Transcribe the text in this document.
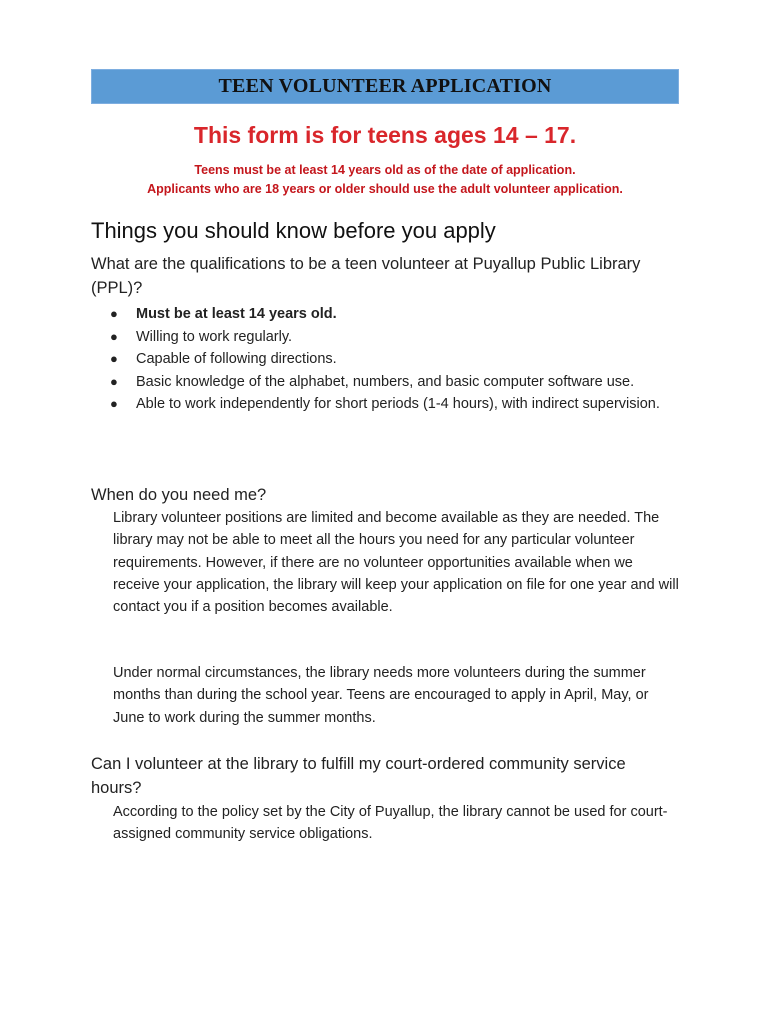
TEEN VOLUNTEER APPLICATION
This form is for teens ages 14 – 17.
Teens must be at least 14 years old as of the date of application.
Applicants who are 18 years or older should use the adult volunteer application.
Things you should know before you apply
What are the qualifications to be a teen volunteer at Puyallup Public Library (PPL)?
● Must be at least 14 years old.
● Willing to work regularly.
● Capable of following directions.
● Basic knowledge of the alphabet, numbers, and basic computer software use.
● Able to work independently for short periods (1-4 hours), with indirect supervision.
When do you need me?
Library volunteer positions are limited and become available as they are needed. The library may not be able to meet all the hours you need for any particular volunteer requirements. However, if there are no volunteer opportunities available when we receive your application, the library will keep your application on file for one year and will contact you if a position becomes available.
Under normal circumstances, the library needs more volunteers during the summer months than during the school year. Teens are encouraged to apply in April, May, or June to work during the summer months.
Can I volunteer at the library to fulfill my court-ordered community service hours?
According to the policy set by the City of Puyallup, the library cannot be used for court-assigned community service obligations.
